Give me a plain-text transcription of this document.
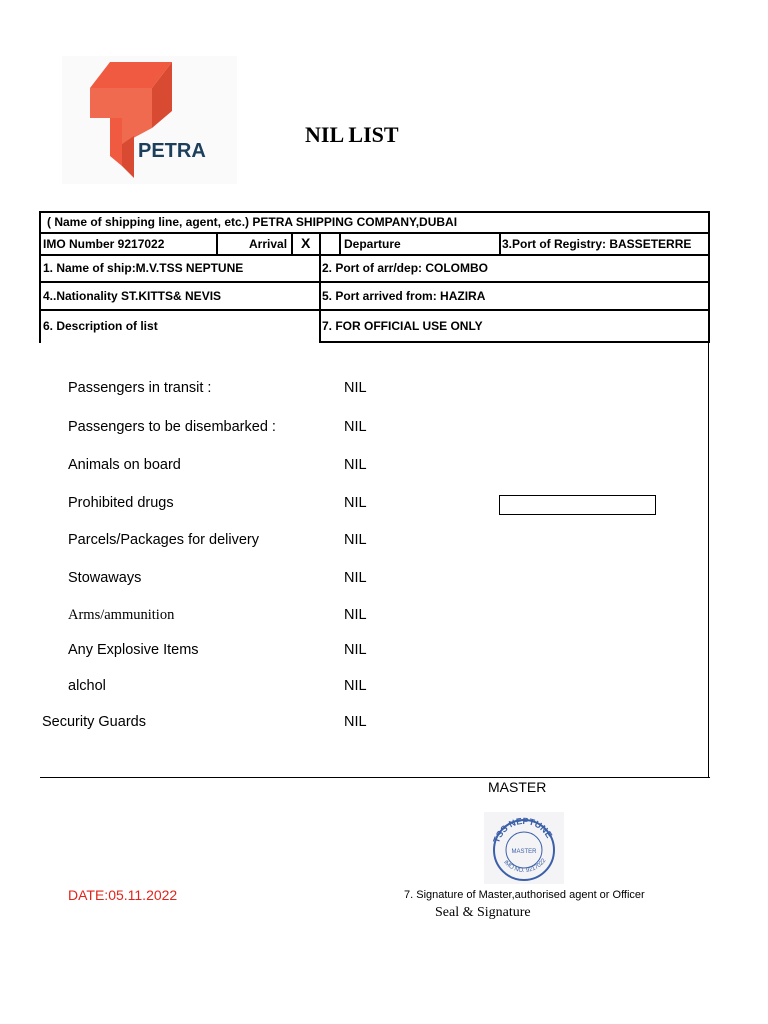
PETRA
NIL LIST
( Name of shipping line, agent, etc.) PETRA SHIPPING COMPANY,DUBAI
IMO Number 9217022	Arrival X	Departure	3.Port of Registry: BASSETERRE
1. Name of ship:M.V.TSS NEPTUNE	2. Port of arr/dep: COLOMBO
4..Nationality ST.KITTS& NEVIS	5. Port arrived from: HAZIRA
6. Description of list	7. FOR OFFICIAL USE ONLY
Passengers in transit :	NIL
Passengers to be disembarked :	NIL
Animals on board	NIL
Prohibited drugs	NIL
Parcels/Packages for delivery	NIL
Stowaways	NIL
Arms/ammunition	NIL
Any Explosive Items	NIL
alchol	NIL
Security Guards	NIL
MASTER
TSS NEPTUNE
MASTER
IMO NO. 9217022
DATE:05.11.2022	7. Signature of Master,authorised agent or Officer
Seal & Signature
